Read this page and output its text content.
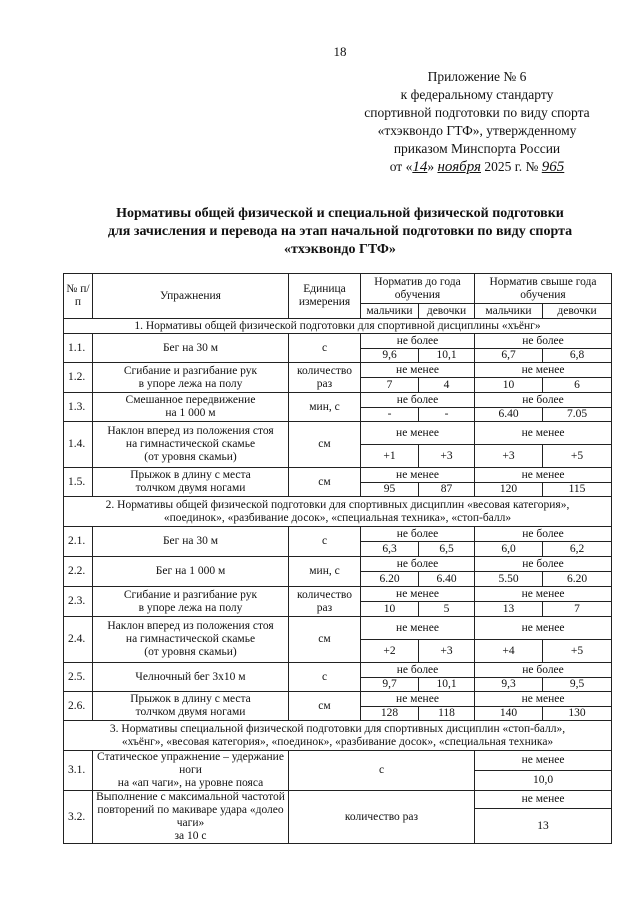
18
Приложение № 6
к федеральному стандарту
спортивной подготовки по виду спорта
«тхэквондо ГТФ», утвержденному
приказом Минспорта России
от «14» ноября 2025 г. № 965
Нормативы общей физической и специальной физической подготовки
для зачисления и перевода на этап начальной подготовки по виду спорта
«тхэквондо ГТФ»
№ п/п	Упражнения	Единица измерения	Норматив до года обучения		Норматив свыше года обучения	
			мальчики	девочки	мальчики	девочки
1. Нормативы общей физической подготовки для спортивной дисциплины «хъёнг»						
1.1.	Бег на 30 м	с	не более		не более	
			9,6	10,1	6,7	6,8
1.2.	Сгибание и разгибание рук
в упоре лежа на полу	количество
раз	не менее		не менее	
			7	4	10	6
1.3.	Смешанное передвижение
на 1 000 м	мин, с	не более		не более	
			-	-	6.40	7.05
1.4.	Наклон вперед из положения стоя
на гимнастической скамье
(от уровня скамьи)	см	не менее		не менее	
			+1	+3	+3	+5
1.5.	Прыжок в длину с места
толчком двумя ногами	см	не менее		не менее	
			95	87	120	115
2. Нормативы общей физической подготовки для спортивных дисциплин «весовая категория»,
«поединок», «разбивание досок», «специальная техника», «стоп-балл»						
2.1.	Бег на 30 м	с	не более		не более	
			6,3	6,5	6,0	6,2
2.2.	Бег на 1 000 м	мин, с	не более		не более	
			6.20	6.40	5.50	6.20
2.3.	Сгибание и разгибание рук
в упоре лежа на полу	количество
раз	не менее		не менее	
			10	5	13	7
2.4.	Наклон вперед из положения стоя
на гимнастической скамье
(от уровня скамьи)	см	не менее		не менее	
			+2	+3	+4	+5
2.5.	Челночный бег 3х10 м	с	не более		не более	
			9,7	10,1	9,3	9,5
2.6.	Прыжок в длину с места
толчком двумя ногами	см	не менее		не менее	
			128	118	140	130
3. Нормативы специальной физической подготовки для спортивных дисциплин «стоп-балл»,
«хъёнг», «весовая категория», «поединок», «разбивание досок», «специальная техника»						
3.1.	Статическое упражнение – удержание ноги
на «ап чаги», на уровне пояса	с			не менее	
					10,0	
3.2.	Выполнение с максимальной частотой
повторений по макиваре удара «долео чаги»
за 10 с	количество раз			не менее	
					13	
